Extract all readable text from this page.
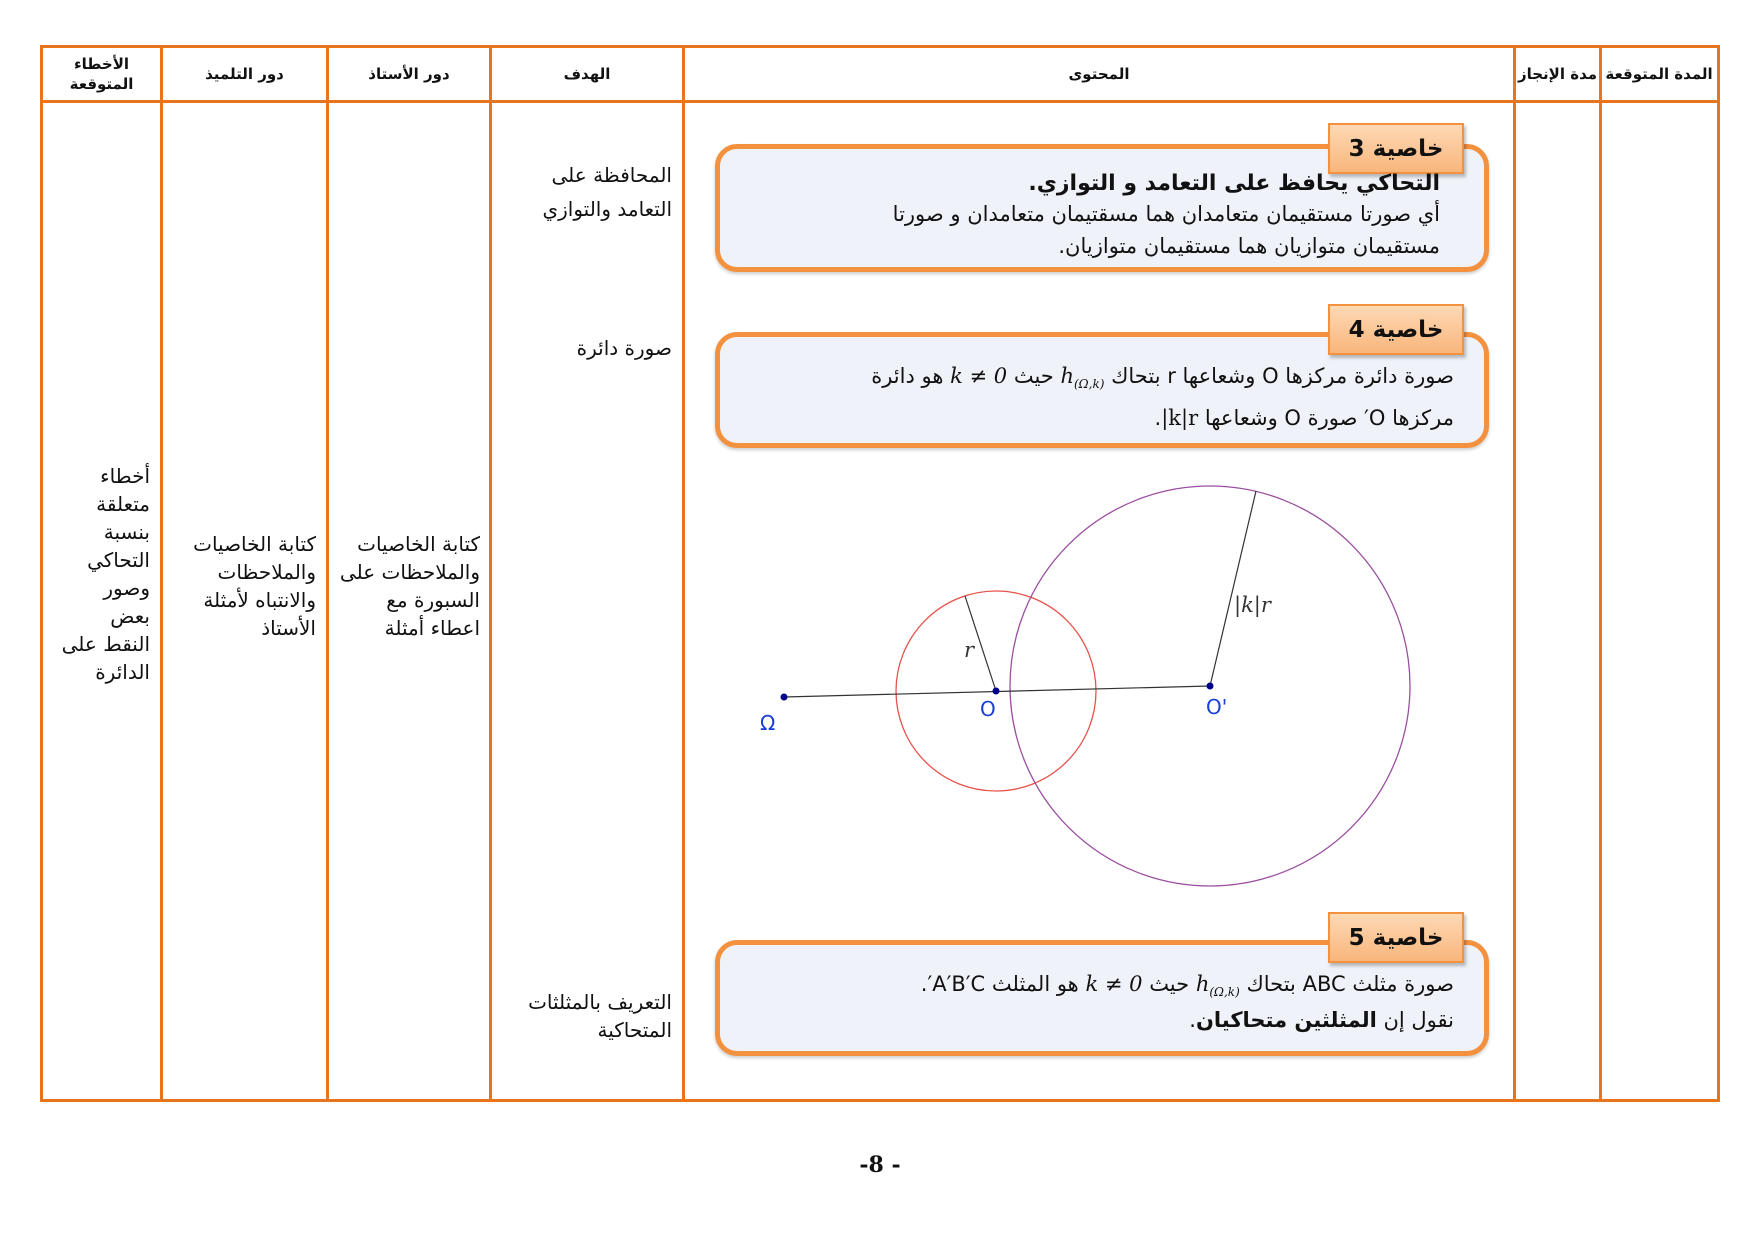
المدة المتوقعة
مدة الإنجاز
المحتوى
الهدف
دور الأستاذ
دور التلميذ
الأخطاء المتوقعة
المحافظة على التعامد والتوازي
صورة دائرة
التعريف بالمثلثات المتحاكية
كتابة الخاصيات والملاحظات على السبورة مع اعطاء أمثلة
كتابة الخاصيات والملاحظات والانتباه لأمثلة الأستاذ
أخطاء متعلقة بنسبة التحاكي وصور بعض النقط على الدائرة
خاصية 3
التحاكي يحافظ على التعامد و التوازي.
أي صورتا مستقيمان متعامدان هما مسقتيمان متعامدان و صورتا
مستقيمان متوازيان هما مستقيمان متوازيان.
خاصية 4
صورة دائرة مركزها O وشعاعها r بتحاك $h_{(\Omega,k)}$ حيث k ≠ 0 هو دائرة
مركزها O′ صورة O وشعاعها |k|r.
Ω
O	O'
r
|k|r
خاصية 5
صورة مثلث ABC بتحاك $h_{(\Omega,k)}$ حيث k ≠ 0 هو المثلث A′B′C′.
نقول إن المثلثين متحاكيان.
-8 -
